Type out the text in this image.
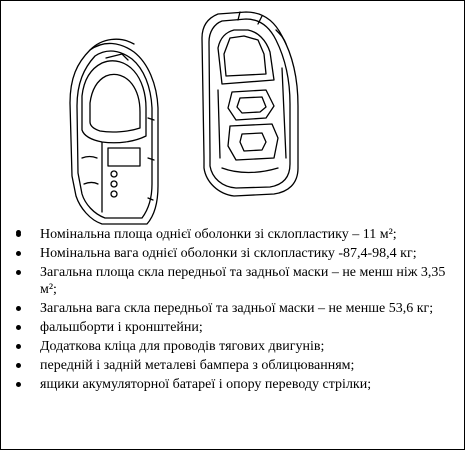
Номінальна площа однієї оболонки зі склопластику – 11 м²;
Номінальна вага однієї оболонки зі склопластику -87,4-98,4 кг;
Загальна площа скла передньої та задньої маски – не менш ніж 3,35 м²;
Загальна вага скла передньої та задньої маски – не менше 53,6 кг;
фальшборти і кронштейни;
Додаткова кліца для проводів тягових двигунів;
передній і задній металеві бампера з облицюванням;
ящики акумуляторної батареї і опору переводу стрілки;
